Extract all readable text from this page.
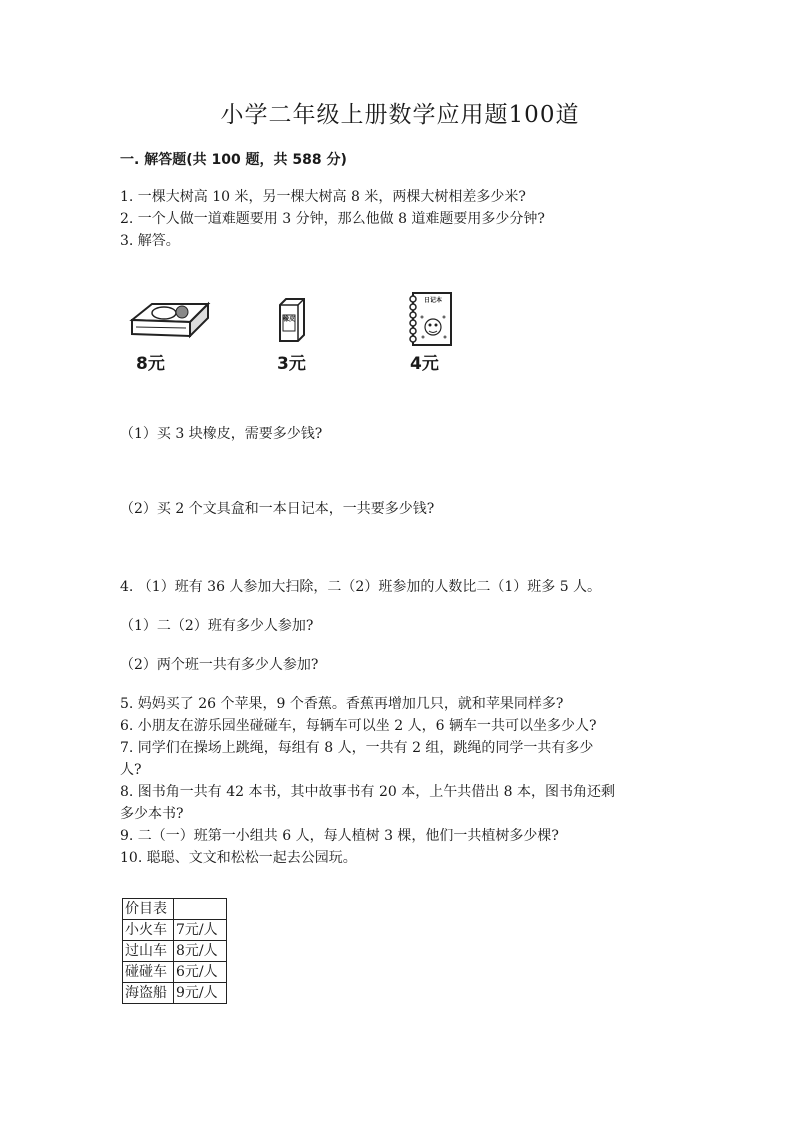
小学二年级上册数学应用题100道
一. 解答题(共 100 题，共 588 分)
1. 一棵大树高 10 米，另一棵大树高 8 米，两棵大树相差多少米?
2. 一个人做一道难题要用 3 分钟，那么他做 8 道难题要用多少分钟?
3. 解答。
8元
橡皮
3元
日记本
4元
（1）买 3 块橡皮，需要多少钱?
（2）买 2 个文具盒和一本日记本，一共要多少钱?
4. （1）班有 36 人参加大扫除，二（2）班参加的人数比二（1）班多 5 人。
（1）二（2）班有多少人参加?
（2）两个班一共有多少人参加?
5. 妈妈买了 26 个苹果，9 个香蕉。香蕉再增加几只，就和苹果同样多?
6. 小朋友在游乐园坐碰碰车，每辆车可以坐 2 人，6 辆车一共可以坐多少人?
7. 同学们在操场上跳绳，每组有 8 人，一共有 2 组，跳绳的同学一共有多少
人?
8. 图书角一共有 42 本书，其中故事书有 20 本，上午共借出 8 本，图书角还剩
多少本书?
9. 二（一）班第一小组共 6 人，每人植树 3 棵，他们一共植树多少棵?
10. 聪聪、文文和松松一起去公园玩。
价目表	
小火车	7元/人
过山车	8元/人
碰碰车	6元/人
海盗船	9元/人
